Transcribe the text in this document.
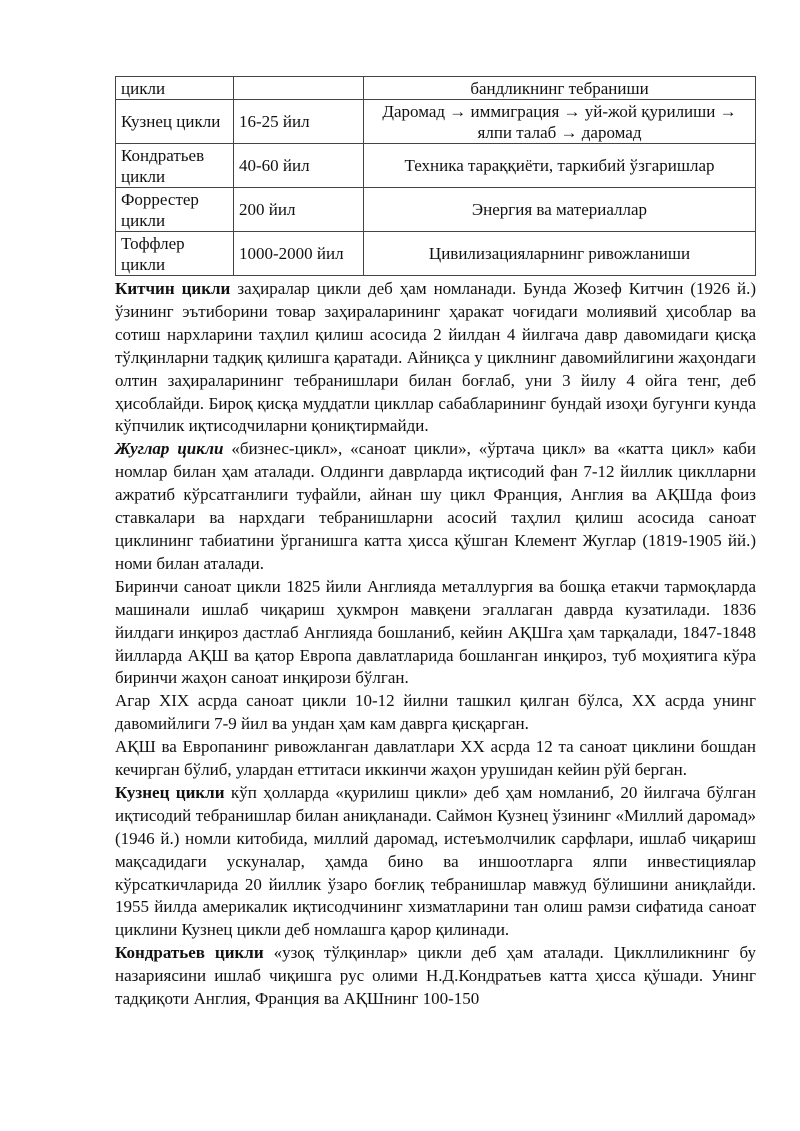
цикли		бандликнинг тебраниши
Кузнец цикли	16-25 йил	Даромад → иммиграция → уй-жой қурилиши → ялпи талаб → даромад
Кондратьев цикли	40-60 йил	Техника тараққиёти, таркибий ўзгаришлар
Форрестер цикли	200 йил	Энергия ва материаллар
Тоффлер цикли	1000-2000 йил	Цивилизацияларнинг ривожланиши

Китчин цикли заҳиралар цикли деб ҳам номланади. Бунда Жозеф Китчин (1926 й.) ўзининг эътиборини товар заҳираларининг ҳаракат чоғидаги молиявий ҳисоблар ва сотиш нархларини таҳлил қилиш асосида 2 йилдан 4 йилгача давр давомидаги қисқа тўлқинларни тадқиқ қилишга қаратади. Айниқса у циклнинг давомийлигини жаҳондаги олтин заҳираларининг тебранишлари билан боғлаб, уни 3 йилу 4 ойга тенг, деб ҳисоблайди. Бироқ қисқа муддатли цикллар сабабларининг бундай изоҳи бугунги кунда кўпчилик иқтисодчиларни қониқтирмайди.

Жуглар цикли «бизнес-цикл», «саноат цикли», «ўртача цикл» ва «катта цикл» каби номлар билан ҳам аталади. Олдинги даврларда иқтисодий фан 7-12 йиллик циклларни ажратиб кўрсатганлиги туфайли, айнан шу цикл Франция, Англия ва АҚШда фоиз ставкалари ва нархдаги тебранишларни асосий таҳлил қилиш асосида саноат циклининг табиатини ўрганишга катта ҳисса қўшган Клемент Жуглар (1819-1905 йй.) номи билан аталади.

Биринчи саноат цикли 1825 йили Англияда металлургия ва бошқа етакчи тармоқларда машинали ишлаб чиқариш ҳукмрон мавқени эгаллаган даврда кузатилади. 1836 йилдаги инқироз дастлаб Англияда бошланиб, кейин АҚШга ҳам тарқалади, 1847-1848 йилларда АҚШ ва қатор Европа давлатларида бошланган инқироз, туб моҳиятига кўра биринчи жаҳон саноат инқирози бўлган.

Агар XIX асрда саноат цикли 10-12 йилни ташкил қилган бўлса, XX асрда унинг давомийлиги 7-9 йил ва ундан ҳам кам даврга қисқарган.

АҚШ ва Европанинг ривожланган давлатлари XX асрда 12 та саноат циклини бошдан кечирган бўлиб, улардан еттитаси иккинчи жаҳон урушидан кейин рўй берган.

Кузнец цикли кўп ҳолларда «қурилиш цикли» деб ҳам номланиб, 20 йилгача бўлган иқтисодий тебранишлар билан аниқланади. Саймон Кузнец ўзининг «Миллий даромад» (1946 й.) номли китобида, миллий даромад, истеъмолчилик сарфлари, ишлаб чиқариш мақсадидаги ускуналар, ҳамда бино ва иншоотларга ялпи инвестициялар кўрсаткичларида 20 йиллик ўзаро боғлиқ тебранишлар мавжуд бўлишини аниқлайди. 1955 йилда америкалик иқтисодчининг хизматларини тан олиш рамзи сифатида саноат циклини Кузнец цикли деб номлашга қарор қилинади.

Кондратьев цикли «узоқ тўлқинлар» цикли деб ҳам аталади. Цикллиликнинг бу назариясини ишлаб чиқишга рус олими Н.Д.Кондратьев катта ҳисса қўшади. Унинг тадқиқоти Англия, Франция ва АҚШнинг 100-150
